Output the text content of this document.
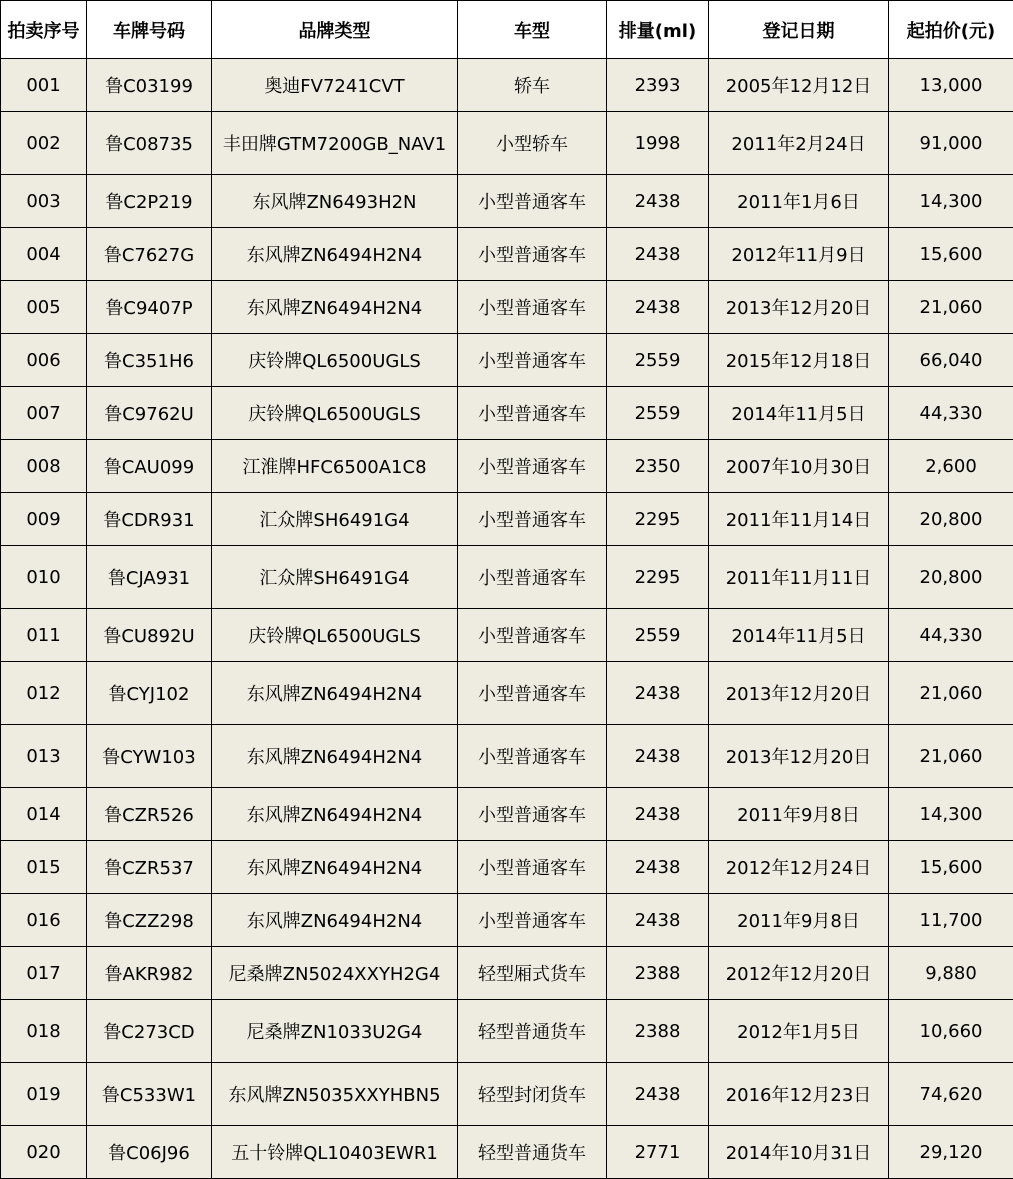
拍卖序号	车牌号码	品牌类型	车型	排量(ml)	登记日期	起拍价(元)
001	鲁C03199	奥迪FV7241CVT	轿车	2393	2005年12月12日	13,000
002	鲁C08735	丰田牌GTM7200GB_NAV1	小型轿车	1998	2011年2月24日	91,000
003	鲁C2P219	东风牌ZN6493H2N	小型普通客车	2438	2011年1月6日	14,300
004	鲁C7627G	东风牌ZN6494H2N4	小型普通客车	2438	2012年11月9日	15,600
005	鲁C9407P	东风牌ZN6494H2N4	小型普通客车	2438	2013年12月20日	21,060
006	鲁C351H6	庆铃牌QL6500UGLS	小型普通客车	2559	2015年12月18日	66,040
007	鲁C9762U	庆铃牌QL6500UGLS	小型普通客车	2559	2014年11月5日	44,330
008	鲁CAU099	江淮牌HFC6500A1C8	小型普通客车	2350	2007年10月30日	2,600
009	鲁CDR931	汇众牌SH6491G4	小型普通客车	2295	2011年11月14日	20,800
010	鲁CJA931	汇众牌SH6491G4	小型普通客车	2295	2011年11月11日	20,800
011	鲁CU892U	庆铃牌QL6500UGLS	小型普通客车	2559	2014年11月5日	44,330
012	鲁CYJ102	东风牌ZN6494H2N4	小型普通客车	2438	2013年12月20日	21,060
013	鲁CYW103	东风牌ZN6494H2N4	小型普通客车	2438	2013年12月20日	21,060
014	鲁CZR526	东风牌ZN6494H2N4	小型普通客车	2438	2011年9月8日	14,300
015	鲁CZR537	东风牌ZN6494H2N4	小型普通客车	2438	2012年12月24日	15,600
016	鲁CZZ298	东风牌ZN6494H2N4	小型普通客车	2438	2011年9月8日	11,700
017	鲁AKR982	尼桑牌ZN5024XXYH2G4	轻型厢式货车	2388	2012年12月20日	9,880
018	鲁C273CD	尼桑牌ZN1033U2G4	轻型普通货车	2388	2012年1月5日	10,660
019	鲁C533W1	东风牌ZN5035XXYHBN5	轻型封闭货车	2438	2016年12月23日	74,620
020	鲁C06J96	五十铃牌QL10403EWR1	轻型普通货车	2771	2014年10月31日	29,120
